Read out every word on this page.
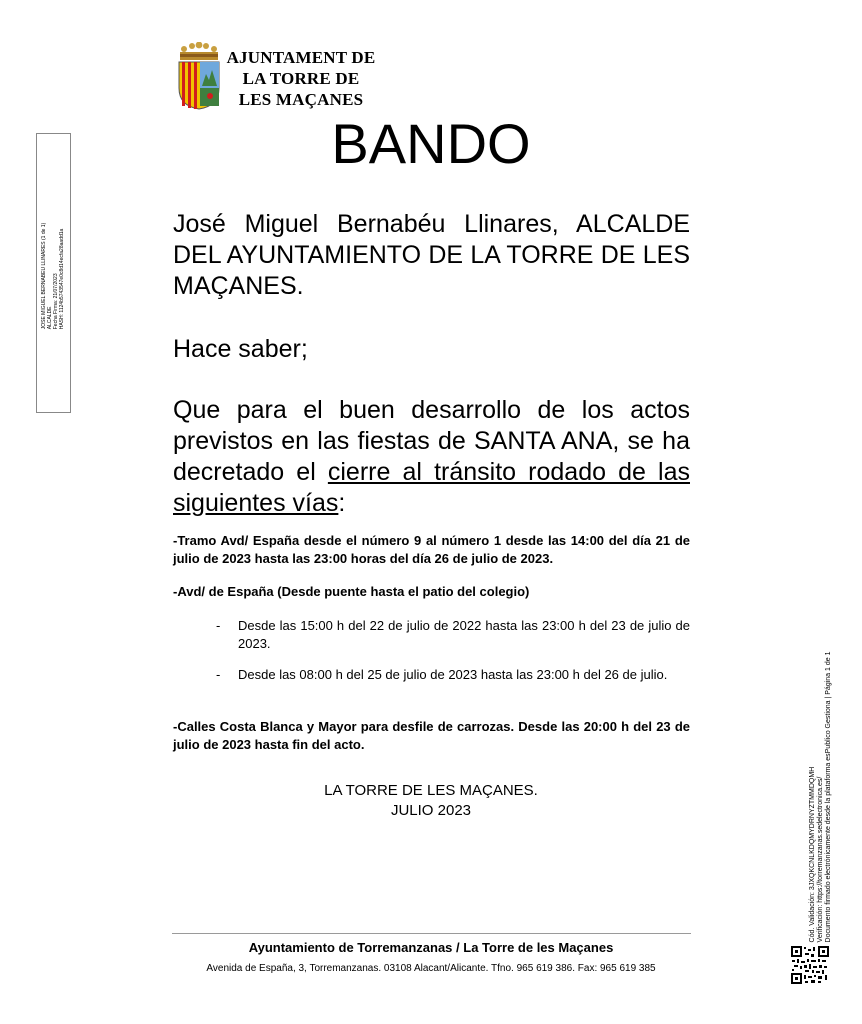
AJUNTAMENT DE
LA TORRE DE
LES MAÇANES
BANDO
José Miguel Bernabéu Llinares, ALCALDE DEL AYUNTAMIENTO DE LA TORRE DE LES MAÇANES.
Hace saber;
Que para el buen desarrollo de los actos previstos en las fiestas de SANTA ANA, se ha decretado el cierre al tránsito rodado de las siguientes vías:
-Tramo Avd/ España desde el número 9 al número 1 desde las 14:00 del día 21 de julio de 2023 hasta las 23:00 horas del día 26 de julio de 2023.
-Avd/ de España (Desde puente hasta el patio del colegio)
- Desde las 15:00 h del 22 de julio de 2022 hasta las 23:00 h del 23 de julio de 2023.
- Desde las 08:00 h del 25 de julio de 2023 hasta las 23:00 h del 26 de julio.
-Calles Costa Blanca y Mayor para desfile de carrozas. Desde las 20:00 h del 23 de julio de 2023 hasta fin del acto.
LA TORRE DE LES MAÇANES.
JULIO 2023
Ayuntamiento de Torremanzanas / La Torre de les Maçanes
Avenida de España, 3, Torremanzanas. 03108 Alacant/Alicante. Tfno. 965 619 386. Fax: 965 619 385
JOSE MIGUEL BERNABEU LLINARES (1 de 1) ALCALDE Fecha Firma: 21/07/2023 HASH: 1124b5743547e0c8d14ecfa28aadd1a
Cód. Validación: 3JXQKCNLKDQMYDRNYZTMMDQMH Verificación: https://torremanzanas.sedelectronica.es/ Documento firmado electrónicamente desde la plataforma esPublico Gestiona | Página 1 de 1
